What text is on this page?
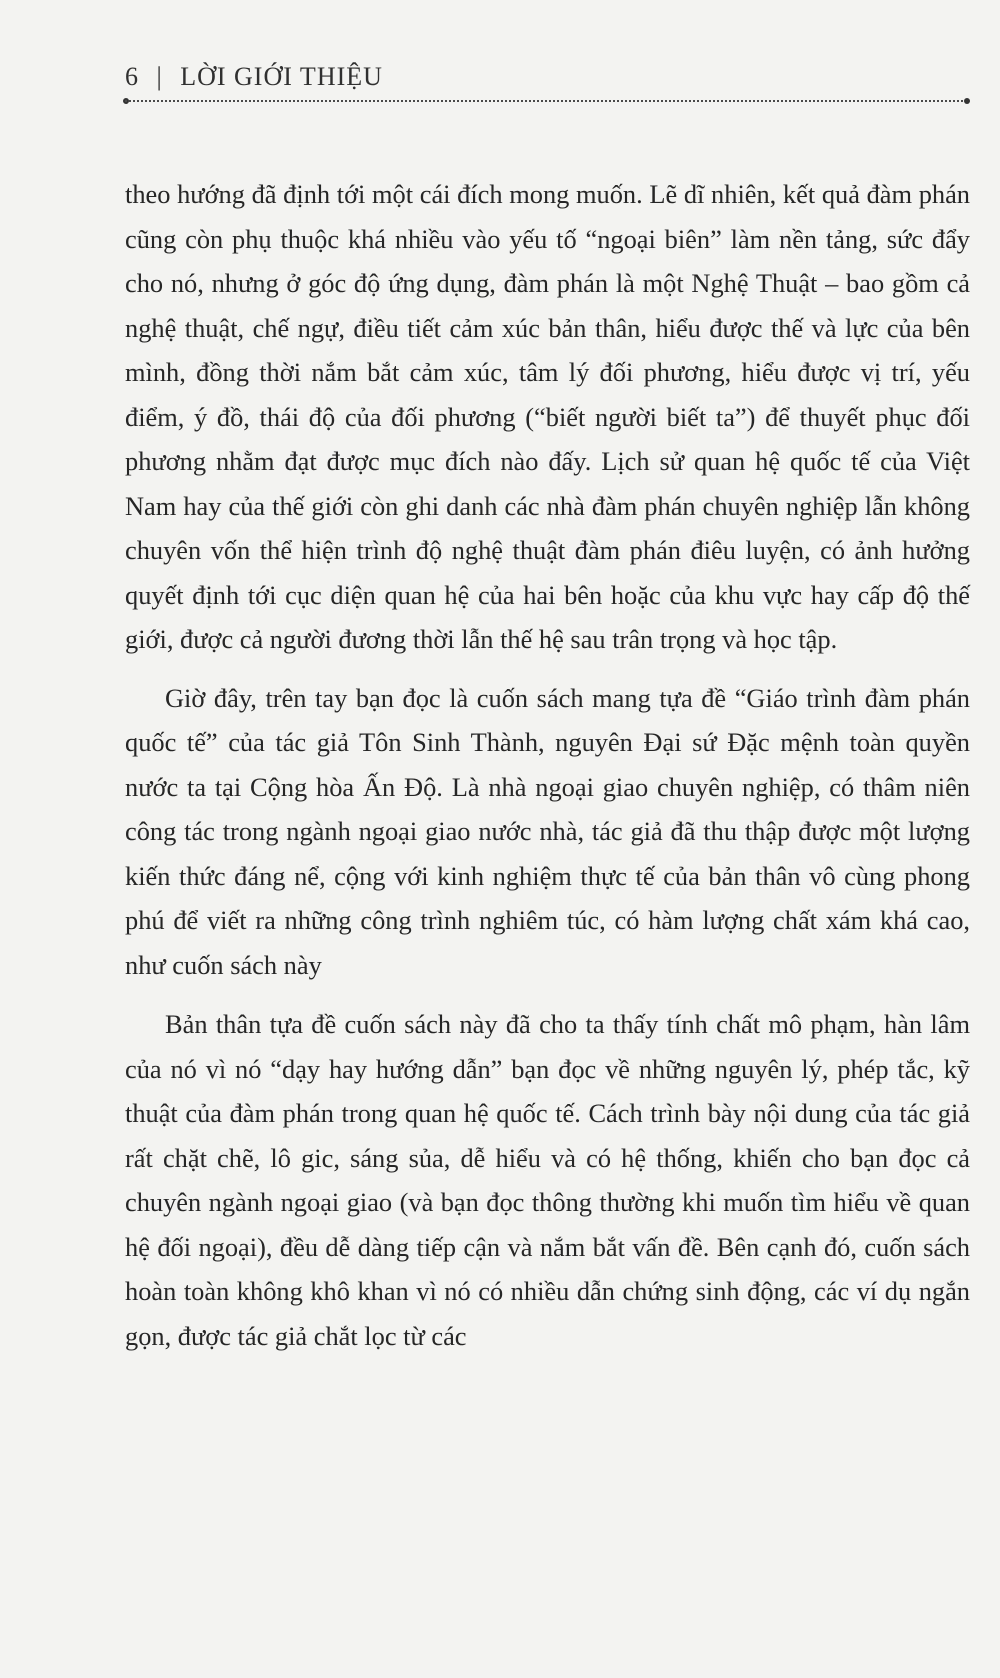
6 | LỜI GIỚI THIỆU

theo hướng đã định tới một cái đích mong muốn. Lẽ dĩ nhiên, kết quả đàm phán cũng còn phụ thuộc khá nhiều vào yếu tố “ngoại biên” làm nền tảng, sức đẩy cho nó, nhưng ở góc độ ứng dụng, đàm phán là một Nghệ Thuật – bao gồm cả nghệ thuật, chế ngự, điều tiết cảm xúc bản thân, hiểu được thế và lực của bên mình, đồng thời nắm bắt cảm xúc, tâm lý đối phương, hiểu được vị trí, yếu điểm, ý đồ, thái độ của đối phương (“biết người biết ta”) để thuyết phục đối phương nhằm đạt được mục đích nào đấy. Lịch sử quan hệ quốc tế của Việt Nam hay của thế giới còn ghi danh các nhà đàm phán chuyên nghiệp lẫn không chuyên vốn thể hiện trình độ nghệ thuật đàm phán điêu luyện, có ảnh hưởng quyết định tới cục diện quan hệ của hai bên hoặc của khu vực hay cấp độ thế giới, được cả người đương thời lẫn thế hệ sau trân trọng và học tập.

Giờ đây, trên tay bạn đọc là cuốn sách mang tựa đề “Giáo trình đàm phán quốc tế” của tác giả Tôn Sinh Thành, nguyên Đại sứ Đặc mệnh toàn quyền nước ta tại Cộng hòa Ấn Độ. Là nhà ngoại giao chuyên nghiệp, có thâm niên công tác trong ngành ngoại giao nước nhà, tác giả đã thu thập được một lượng kiến thức đáng nể, cộng với kinh nghiệm thực tế của bản thân vô cùng phong phú để viết ra những công trình nghiêm túc, có hàm lượng chất xám khá cao, như cuốn sách này

Bản thân tựa đề cuốn sách này đã cho ta thấy tính chất mô phạm, hàn lâm của nó vì nó “dạy hay hướng dẫn” bạn đọc về những nguyên lý, phép tắc, kỹ thuật của đàm phán trong quan hệ quốc tế. Cách trình bày nội dung của tác giả rất chặt chẽ, lô gic, sáng sủa, dễ hiểu và có hệ thống, khiến cho bạn đọc cả chuyên ngành ngoại giao (và bạn đọc thông thường khi muốn tìm hiểu về quan hệ đối ngoại), đều dễ dàng tiếp cận và nắm bắt vấn đề. Bên cạnh đó, cuốn sách hoàn toàn không khô khan vì nó có nhiều dẫn chứng sinh động, các ví dụ ngắn gọn, được tác giả chắt lọc từ các
